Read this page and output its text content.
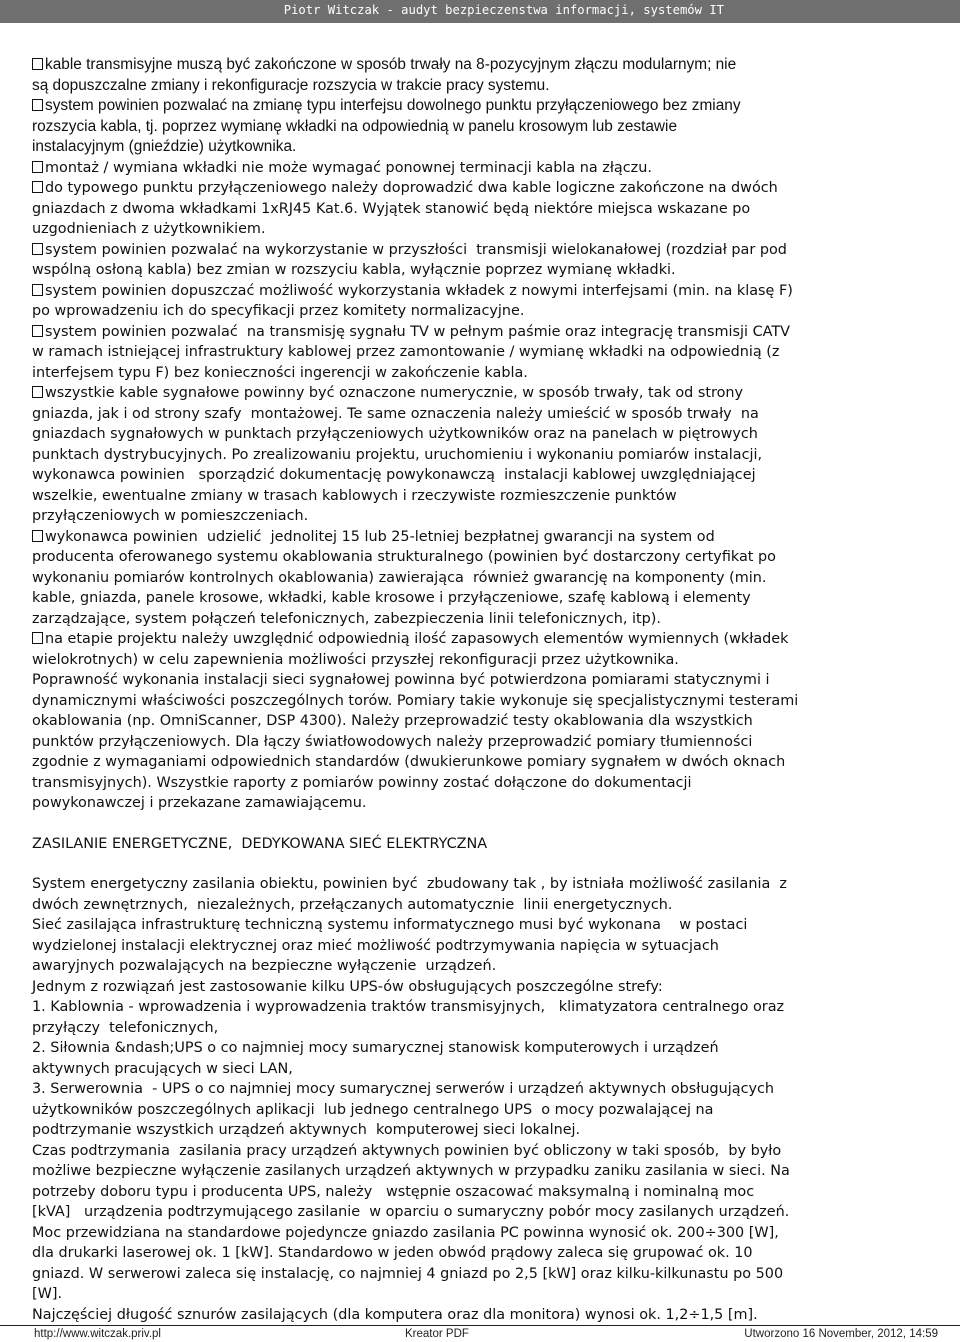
Piotr Witczak - audyt bezpieczenstwa informacji, systemów IT

kable transmisyjne muszą być zakończone w sposób trwały na 8-pozycyjnym złączu modularnym; nie
są dopuszczalne zmiany i rekonfiguracje rozszycia w trakcie pracy systemu.

system powinien pozwalać na zmianę typu interfejsu dowolnego punktu przyłączeniowego bez zmiany
rozszycia kabla, tj. poprzez wymianę wkładki na odpowiednią w panelu krosowym lub zestawie
instalacyjnym (gnieździe) użytkownika.

montaż / wymiana wkładki nie może wymagać ponownej terminacji kabla na złączu.

do typowego punktu przyłączeniowego należy doprowadzić dwa kable logiczne zakończone na dwóch
gniazdach z dwoma wkładkami 1xRJ45 Kat.6. Wyjątek stanowić będą niektóre miejsca wskazane po
uzgodnieniach z użytkownikiem.

system powinien pozwalać na wykorzystanie w przyszłości  transmisji wielokanałowej (rozdział par pod
wspólną osłoną kabla) bez zmian w rozszyciu kabla, wyłącznie poprzez wymianę wkładki.

system powinien dopuszczać możliwość wykorzystania wkładek z nowymi interfejsami (min. na klasę F)
po wprowadzeniu ich do specyfikacji przez komitety normalizacyjne.

system powinien pozwalać  na transmisję sygnału TV w pełnym paśmie oraz integrację transmisji CATV
w ramach istniejącej infrastruktury kablowej przez zamontowanie / wymianę wkładki na odpowiednią (z
interfejsem typu F) bez konieczności ingerencji w zakończenie kabla.

wszystkie kable sygnałowe powinny być oznaczone numerycznie, w sposób trwały, tak od strony
gniazda, jak i od strony szafy  montażowej. Te same oznaczenia należy umieścić w sposób trwały  na
gniazdach sygnałowych w punktach przyłączeniowych użytkowników oraz na panelach w piętrowych
punktach dystrybucyjnych. Po zrealizowaniu projektu, uruchomieniu i wykonaniu pomiarów instalacji,
wykonawca powinien   sporządzić dokumentację powykonawczą  instalacji kablowej uwzględniającej
wszelkie, ewentualne zmiany w trasach kablowych i rzeczywiste rozmieszczenie punktów
przyłączeniowych w pomieszczeniach.

wykonawca powinien  udzielić  jednolitej 15 lub 25-letniej bezpłatnej gwarancji na system od
producenta oferowanego systemu okablowania strukturalnego (powinien być dostarczony certyfikat po
wykonaniu pomiarów kontrolnych okablowania) zawierająca  również gwarancję na komponenty (min.
kable, gniazda, panele krosowe, wkładki, kable krosowe i przyłączeniowe, szafę kablową i elementy
zarządzające, system połączeń telefonicznych, zabezpieczenia linii telefonicznych, itp).

na etapie projektu należy uwzględnić odpowiednią ilość zapasowych elementów wymiennych (wkładek
wielokrotnych) w celu zapewnienia możliwości przyszłej rekonfiguracji przez użytkownika.

Poprawność wykonania instalacji sieci sygnałowej powinna być potwierdzona pomiarami statycznymi i
dynamicznymi właściwości poszczególnych torów. Pomiary takie wykonuje się specjalistycznymi testerami
okablowania (np. OmniScanner, DSP 4300). Należy przeprowadzić testy okablowania dla wszystkich
punktów przyłączeniowych. Dla łączy światłowodowych należy przeprowadzić pomiary tłumienności
zgodnie z wymaganiami odpowiednich standardów (dwukierunkowe pomiary sygnałem w dwóch oknach
transmisyjnych). Wszystkie raporty z pomiarów powinny zostać dołączone do dokumentacji
powykonawczej i przekazane zamawiającemu.

ZASILANIE ENERGETYCZNE,  DEDYKOWANA SIEĆ ELEKTRYCZNA

System energetyczny zasilania obiektu, powinien być  zbudowany tak , by istniała możliwość zasilania  z
dwóch zewnętrznych,  niezależnych, przełączanych automatycznie  linii energetycznych.
Sieć zasilająca infrastrukturę techniczną systemu informatycznego musi być wykonana    w postaci
wydzielonej instalacji elektrycznej oraz mieć możliwość podtrzymywania napięcia w sytuacjach
awaryjnych pozwalających na bezpieczne wyłączenie  urządzeń.
Jednym z rozwiązań jest zastosowanie kilku UPS-ów obsługujących poszczególne strefy:
1. Kablownia - wprowadzenia i wyprowadzenia traktów transmisyjnych,   klimatyzatora centralnego oraz
przyłączy  telefonicznych,
2. Siłownia &ndash;UPS o co najmniej mocy sumarycznej stanowisk komputerowych i urządzeń
aktywnych pracujących w sieci LAN,
3. Serwerownia  - UPS o co najmniej mocy sumarycznej serwerów i urządzeń aktywnych obsługujących
użytkowników poszczególnych aplikacji  lub jednego centralnego UPS  o mocy pozwalającej na
podtrzymanie wszystkich urządzeń aktywnych  komputerowej sieci lokalnej.
Czas podtrzymania  zasilania pracy urządzeń aktywnych powinien być obliczony w taki sposób,  by było
możliwe bezpieczne wyłączenie zasilanych urządzeń aktywnych w przypadku zaniku zasilania w sieci. Na
potrzeby doboru typu i producenta UPS, należy   wstępnie oszacować maksymalną i nominalną moc
[kVA]   urządzenia podtrzymującego zasilanie  w oparciu o sumaryczny pobór mocy zasilanych urządzeń.
Moc przewidziana na standardowe pojedyncze gniazdo zasilania PC powinna wynosić ok. 200÷300 [W],
dla drukarki laserowej ok. 1 [kW]. Standardowo w jeden obwód prądowy zaleca się grupować ok. 10
gniazd. W serwerowi zaleca się instalację, co najmniej 4 gniazd po 2,5 [kW] oraz kilku-kilkunastu po 500
[W].
Najczęściej długość sznurów zasilających (dla komputera oraz dla monitora) wynosi ok. 1,2÷1,5 [m].

http://www.witczak.priv.pl	Kreator PDF	Utworzono 16 November, 2012, 14:59
